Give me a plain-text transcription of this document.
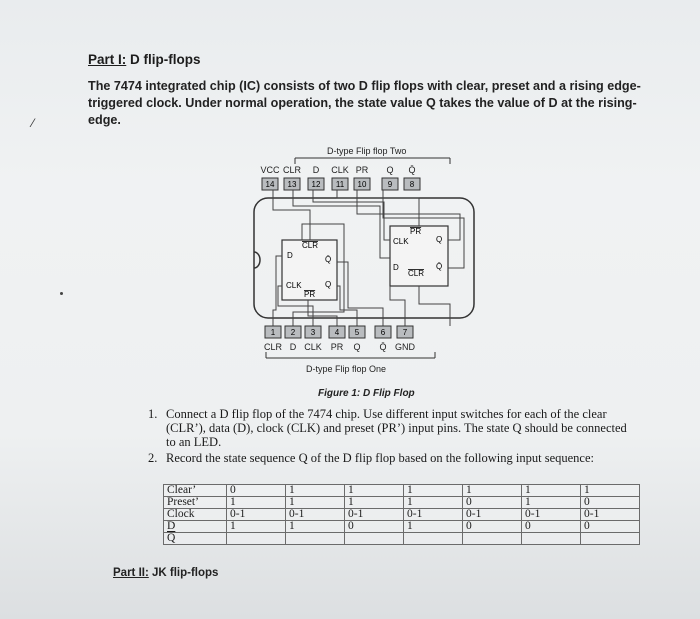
Part I: D flip-flops
The 7474 integrated chip (IC) consists of two D flip flops with clear, preset and a rising edge-triggered clock. Under normal operation, the state value Q takes the value of D at the rising-edge.
⁄
D-type Flip flop Two
VCC CLR D CLK PR Q Q̄
14 13 12 11 10	9 8
D
CLR
Q̄
CLK	Q
PR
PR
CLK	Q
D
CLR
Q̄
1 2 3 4 5	6 7
CLR D CLK PR Q Q̄ GND
D-type Flip flop One
Figure 1: D Flip Flop
1. Connect a D flip flop of the 7474 chip. Use different input switches for each of the clear (CLR’), data (D), clock (CLK) and preset (PR’) input pins. The state Q should be connected to an LED.
2. Record the state sequence Q of the D flip flop based on the following input sequence:
Clear’	0	1	1	1	1	1	1
Preset’	1	1	1	1	0	1	0
Clock	0-1	0-1	0-1	0-1	0-1	0-1	0-1
D	1	1	0	1	0	0	0
$\overline{Q}$							
Part II: JK flip-flops
